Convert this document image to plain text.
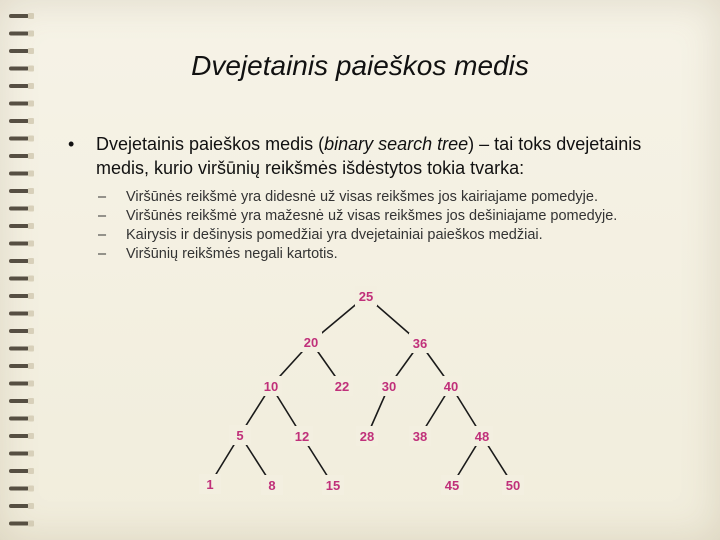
Dvejetainis paieškos medis
•	Dvejetainis paieškos medis (binary search tree) – tai toks dvejetainis medis, kurio viršūnių reikšmės išdėstytos tokia tvarka:
–	Viršūnės reikšmė yra didesnė už visas reikšmes jos kairiajame pomedyje.
–	Viršūnės reikšmė yra mažesnė už visas reikšmes jos dešiniajame pomedyje.
–	Kairysis ir dešinysis pomedžiai yra dvejetainiai paieškos medžiai.
–	Viršūnių reikšmės negali kartotis.
25
20	36
10	22	30	40
5	12	28	38	48
1	8	15	45	50
